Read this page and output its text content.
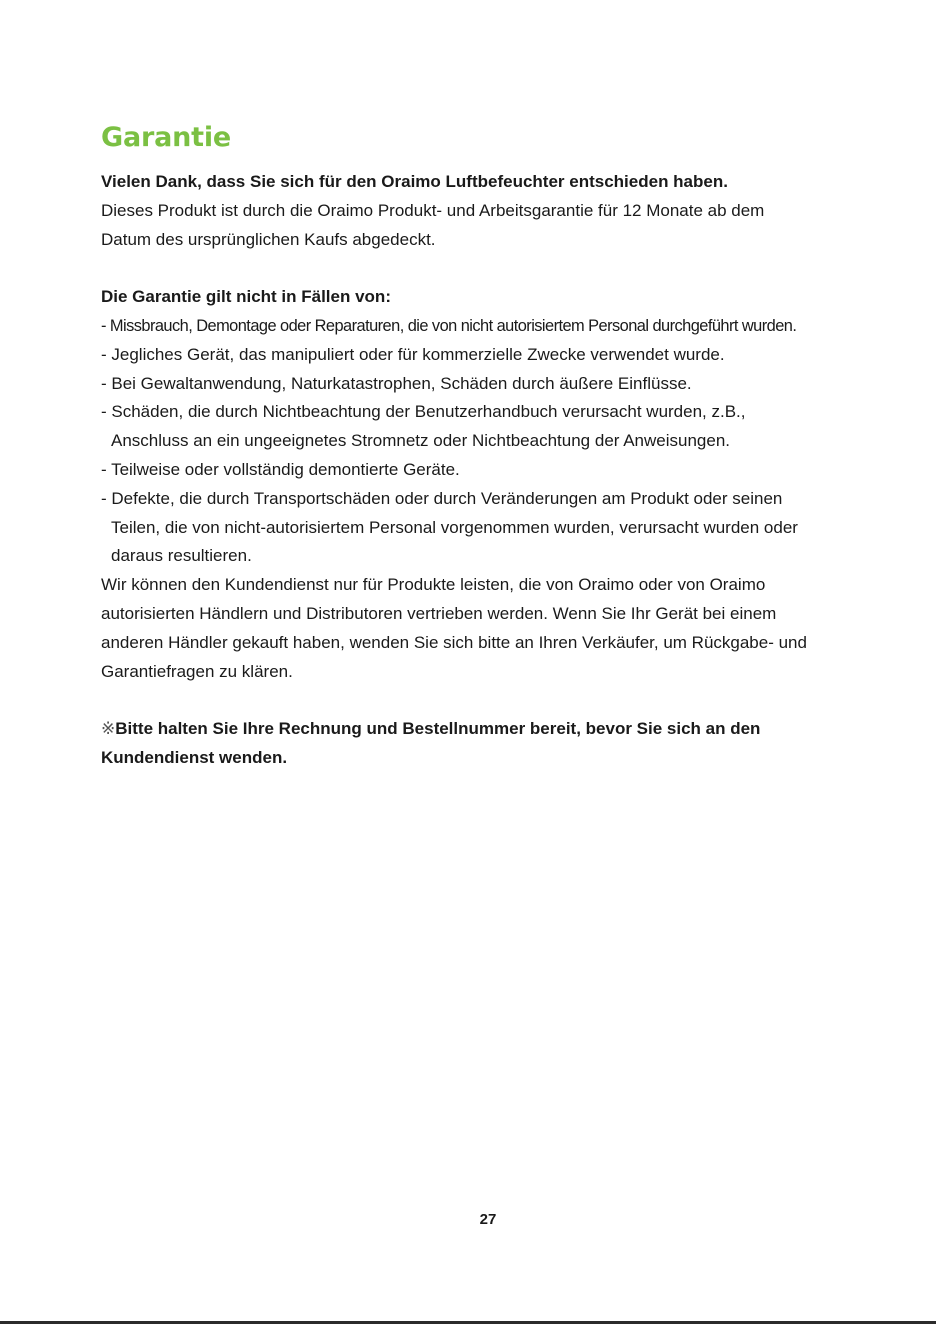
Garantie

Vielen Dank, dass Sie sich für den Oraimo Luftbefeuchter entschieden haben.

Dieses Produkt ist durch die Oraimo Produkt- und Arbeitsgarantie für 12 Monate ab dem

Datum des ursprünglichen Kaufs abgedeckt.

Die Garantie gilt nicht in Fällen von:

- Missbrauch, Demontage oder Reparaturen, die von nicht autorisiertem Personal durchgeführt wurden.

- Jegliches Gerät, das manipuliert oder für kommerzielle Zwecke verwendet wurde.

- Bei Gewaltanwendung, Naturkatastrophen, Schäden durch äußere Einflüsse.

- Schäden, die durch Nichtbeachtung der Benutzerhandbuch verursacht wurden, z.B.,

Anschluss an ein ungeeignetes Stromnetz oder Nichtbeachtung der Anweisungen.

- Teilweise oder vollständig demontierte Geräte.

- Defekte, die durch Transportschäden oder durch Veränderungen am Produkt oder seinen

Teilen, die von nicht-autorisiertem Personal vorgenommen wurden, verursacht wurden oder

daraus resultieren.

Wir können den Kundendienst nur für Produkte leisten, die von Oraimo oder von Oraimo

autorisierten Händlern und Distributoren vertrieben werden. Wenn Sie Ihr Gerät bei einem

anderen Händler gekauft haben, wenden Sie sich bitte an Ihren Verkäufer, um Rückgabe- und

Garantiefragen zu klären.

※Bitte halten Sie Ihre Rechnung und Bestellnummer bereit, bevor Sie sich an den

Kundendienst wenden.

27
